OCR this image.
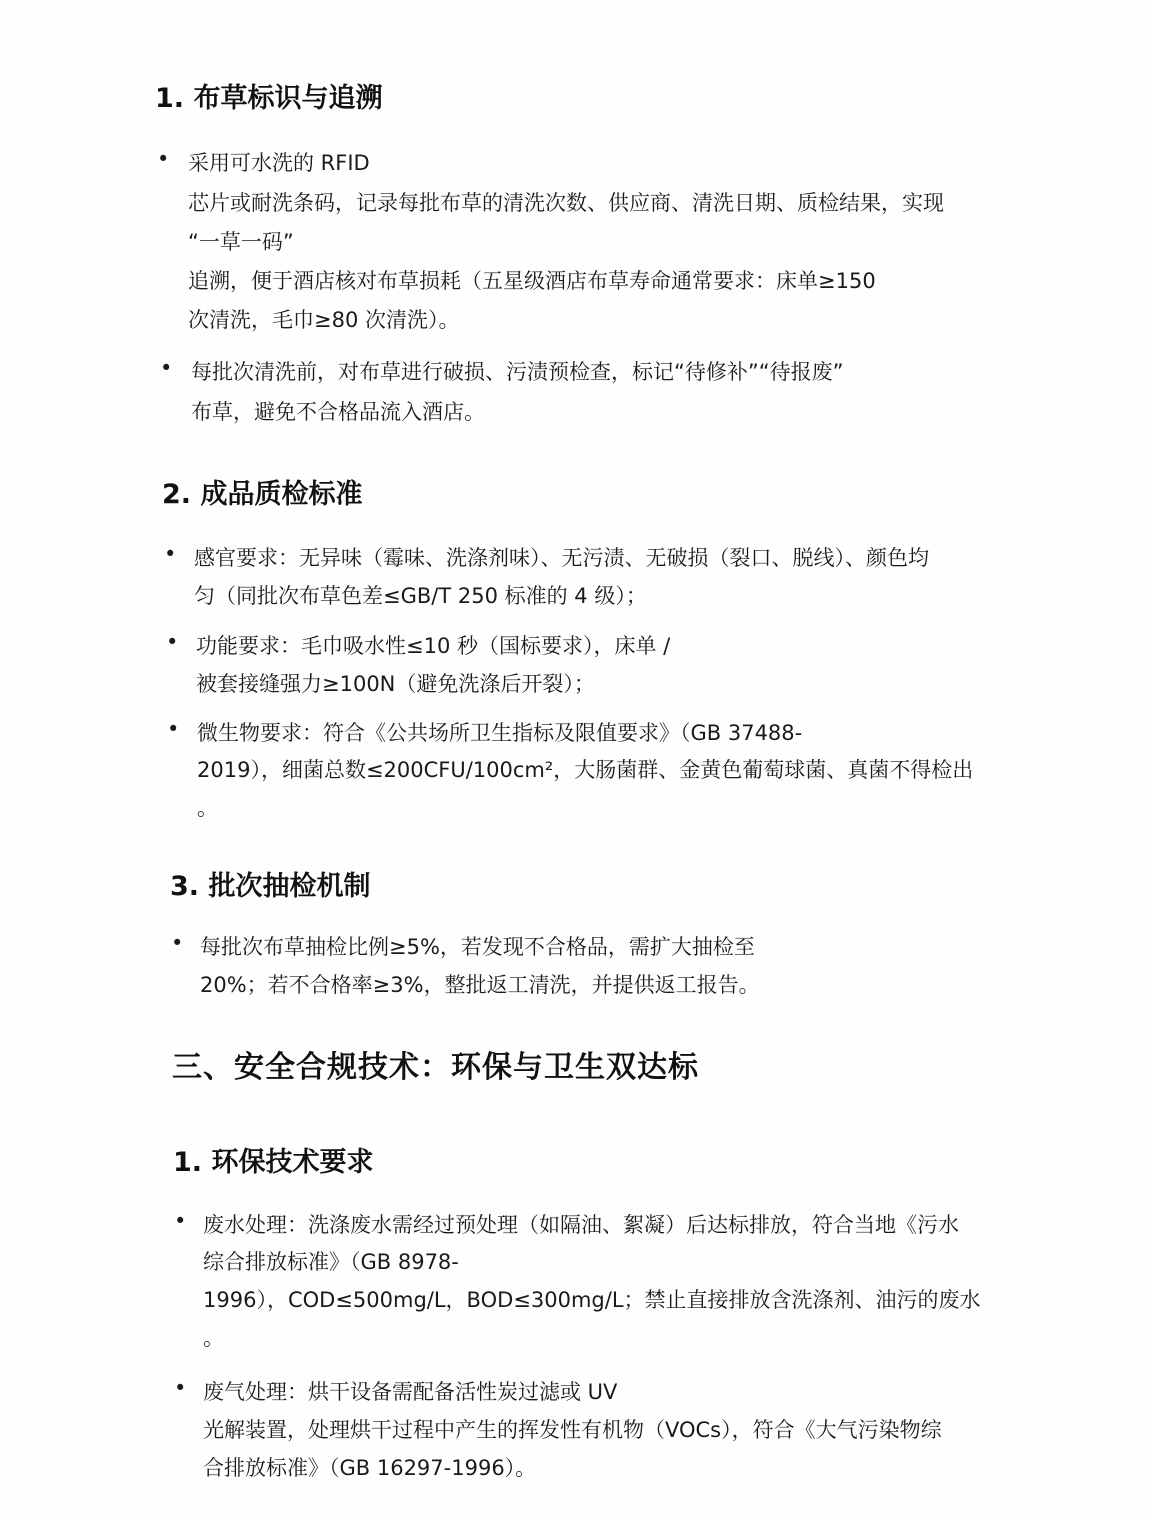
1. 布草标识与追溯
• 采用可水洗的 RFID
芯片或耐洗条码，记录每批布草的清洗次数、供应商、清洗日期、质检结果，实现
“一草一码”
追溯，便于酒店核对布草损耗（五星级酒店布草寿命通常要求：床单≥150
次清洗，毛巾≥80 次清洗）。
• 每批次清洗前，对布草进行破损、污渍预检查，标记“待修补”“待报废”
布草，避免不合格品流入酒店。
2. 成品质检标准
• 感官要求：无异味（霉味、洗涤剂味）、无污渍、无破损（裂口、脱线）、颜色均
匀（同批次布草色差≤GB/T 250 标准的 4 级）；
• 功能要求：毛巾吸水性≤10 秒（国标要求），床单 /
被套接缝强力≥100N（避免洗涤后开裂）；
• 微生物要求：符合《公共场所卫生指标及限值要求》（GB 37488-
2019），细菌总数≤200CFU/100cm²，大肠菌群、金黄色葡萄球菌、真菌不得检出
。
3. 批次抽检机制
• 每批次布草抽检比例≥5%，若发现不合格品，需扩大抽检至
20%；若不合格率≥3%，整批返工清洗，并提供返工报告。
三、安全合规技术：环保与卫生双达标
1. 环保技术要求
• 废水处理：洗涤废水需经过预处理（如隔油、絮凝）后达标排放，符合当地《污水
综合排放标准》（GB 8978-
1996），COD≤500mg/L，BOD≤300mg/L；禁止直接排放含洗涤剂、油污的废水
。
• 废气处理：烘干设备需配备活性炭过滤或 UV
光解装置，处理烘干过程中产生的挥发性有机物（VOCs），符合《大气污染物综
合排放标准》（GB 16297-1996）。
